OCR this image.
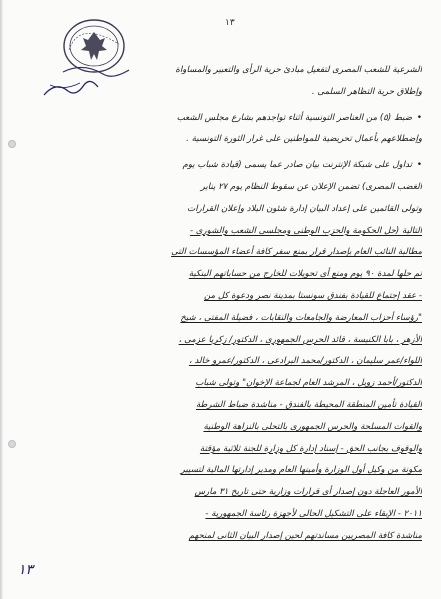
١٣
الشرعية للشعب المصرى لتفعيل مبادئ حرية الرأى والتعبير والمساواة
وإطلاق حرية التظاهر السلمى .
•
ضبط (٥) من العناصر التونسية أثناء تواجدهم بشارع مجلس الشعب
وإضطلاعهم بأعمال تحريضية للمواطنين على غرار الثورة التونسية .
•
تداول على شبكة الإنترنت بيان صادر عما يسمى (قيادة شباب يوم
الغضب المصرى) تضمن الإعلان عن سقوط النظام يوم ٢٧ يناير
وتولى القائمين على إعداد البيان إدارة شئون البلاد وإعلان القرارات
التالية (حل الحكومة والحزب الوطنى ومجلسى الشعب والشورى -
مطالبة النائب العام بإصدار قرار بمنع سفر كافة أعضاء المؤسسات التى
تم حلها لمدة ٩٠ يوم ومنع أى تحويلات للخارج من حساباتهم البنكية
- عقد إجتماع للقيادة بفندق سونستا بمدينة نصر ودعوة كل من
"رؤساء أحزاب المعارضة والجامعات والنقابات ، فضيلة المفتى ، شيخ
الأزهر ، بابا الكنيسة ، قائد الحرس الجمهورى ، الدكتور/ زكريا عزمى ،
اللواء/عمر سليمان ، الدكتور/محمد البرادعى ، الدكتور/عمرو خالد ،
الدكتور/أحمد زويل ، المرشد العام لجماعة الإخوان" وتولى شباب
القيادة تأمين المنطقة المحيطة بالفندق - مناشدة ضباط الشرطة
والقوات المسلحة والحرس الجمهورى بالتحلى بالنزاهة الوطنية
والوقوف بجانب الحق - إسناد إدارة كل وزارة للجنة ثلاثية مؤقتة
مكونة من وكيل أول الوزارة وأمينها العام ومدير إدارتها المالية لتسيير
الأمور العاجلة دون إصدار أى قرارات وزارية حتى تاريخ ٣١ مارس
٢٠١١ - الإبقاء على التشكيل الحالى لأجهزة رئاسة الجمهورية -
مناشدة كافة المصريين مساندتهم لحين إصدار البيان الثانى لمنحهم
١٣
